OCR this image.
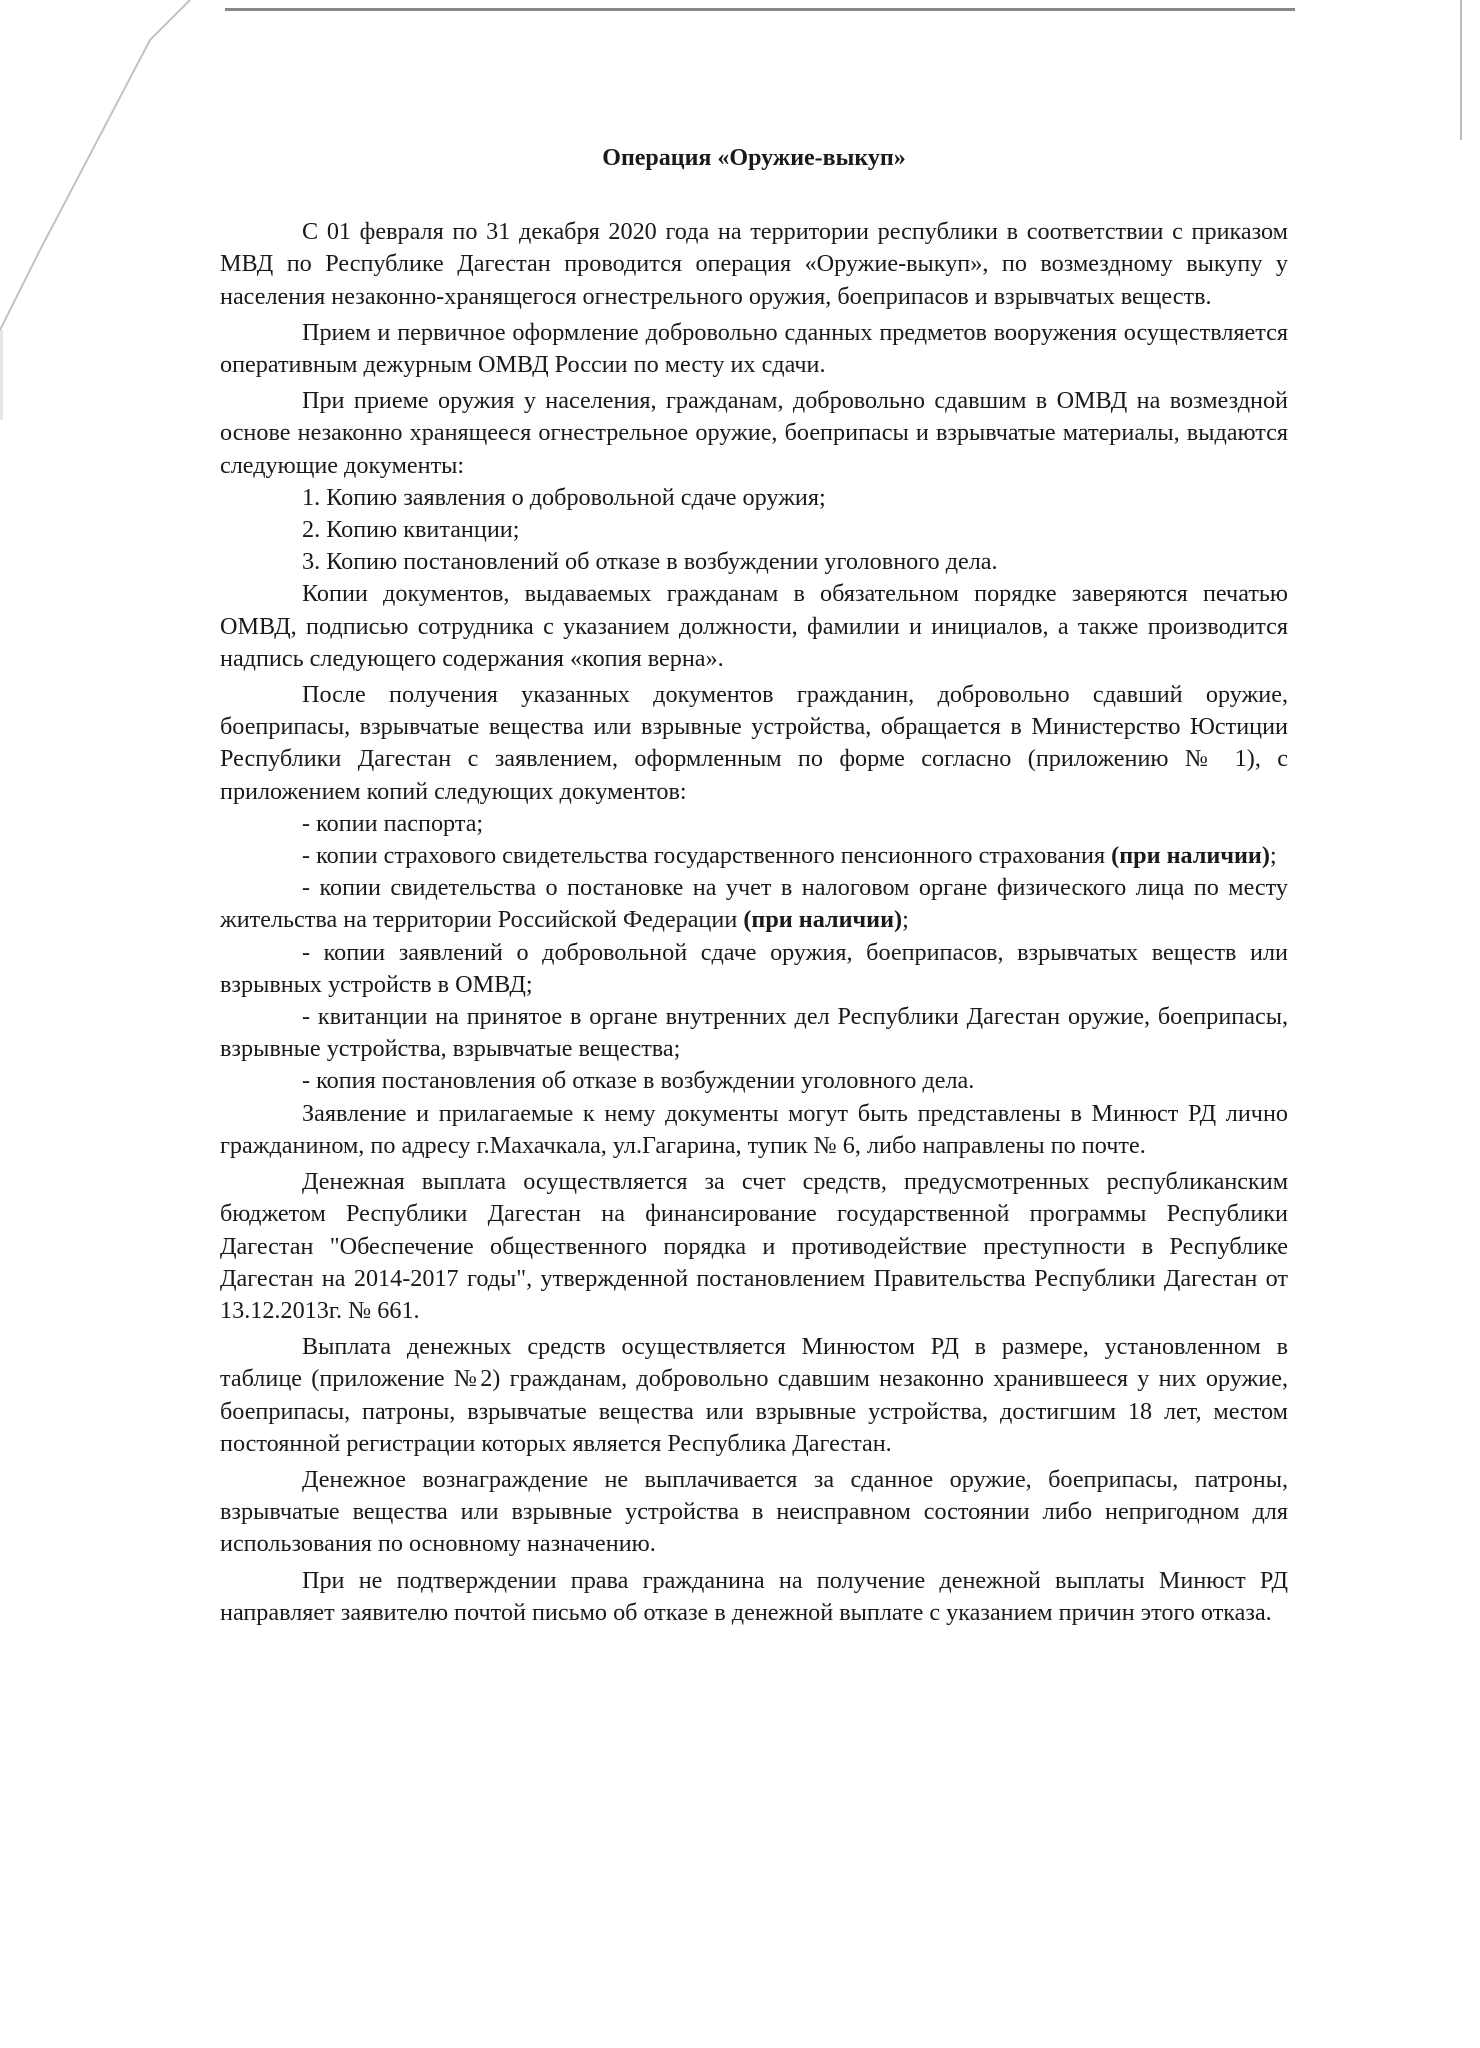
Операция «Оружие-выкуп»

С 01 февраля по 31 декабря 2020 года на территории республики в соответствии с приказом МВД по Республике Дагестан проводится операция «Оружие-выкуп», по возмездному выкупу у населения незаконно-хранящегося огнестрельного оружия, боеприпасов и взрывчатых веществ.

Прием и первичное оформление добровольно сданных предметов вооружения осуществляется оперативным дежурным ОМВД России по месту их сдачи.

При приеме оружия у населения, гражданам, добровольно сдавшим в ОМВД на возмездной основе незаконно хранящееся огнестрельное оружие, боеприпасы и взрывчатые материалы, выдаются следующие документы:

1. Копию заявления о добровольной сдаче оружия;

2. Копию квитанции;

3. Копию постановлений об отказе в возбуждении уголовного дела.

Копии документов, выдаваемых гражданам в обязательном порядке заверяются печатью ОМВД, подписью сотрудника с указанием должности, фамилии и инициалов, а также производится надпись следующего содержания «копия верна».

После получения указанных документов гражданин, добровольно сдавший оружие, боеприпасы, взрывчатые вещества или взрывные устройства, обращается в Министерство Юстиции Республики Дагестан с заявлением, оформленным по форме согласно (приложению № 1), с приложением копий следующих документов:

- копии паспорта;

- копии страхового свидетельства государственного пенсионного страхования (при наличии);

- копии свидетельства о постановке на учет в налоговом органе физического лица по месту жительства на территории Российской Федерации (при наличии);

- копии заявлений о добровольной сдаче оружия, боеприпасов, взрывчатых веществ или взрывных устройств в ОМВД;

- квитанции на принятое в органе внутренних дел Республики Дагестан оружие, боеприпасы, взрывные устройства, взрывчатые вещества;

- копия постановления об отказе в возбуждении уголовного дела.

Заявление и прилагаемые к нему документы могут быть представлены в Минюст РД лично гражданином, по адресу г.Махачкала, ул.Гагарина, тупик № 6, либо направлены по почте.

Денежная выплата осуществляется за счет средств, предусмотренных республиканским бюджетом Республики Дагестан на финансирование государственной программы Республики Дагестан "Обеспечение общественного порядка и противодействие преступности в Республике Дагестан на 2014-2017 годы", утвержденной постановлением Правительства Республики Дагестан от 13.12.2013г. № 661.

Выплата денежных средств осуществляется Минюстом РД в размере, установленном в таблице (приложение №2) гражданам, добровольно сдавшим незаконно хранившееся у них оружие, боеприпасы, патроны, взрывчатые вещества или взрывные устройства, достигшим 18 лет, местом постоянной регистрации которых является Республика Дагестан.

Денежное вознаграждение не выплачивается за сданное оружие, боеприпасы, патроны, взрывчатые вещества или взрывные устройства в неисправном состоянии либо непригодном для использования по основному назначению.

При не подтверждении права гражданина на получение денежной выплаты Минюст РД направляет заявителю почтой письмо об отказе в денежной выплате с указанием причин этого отказа.
